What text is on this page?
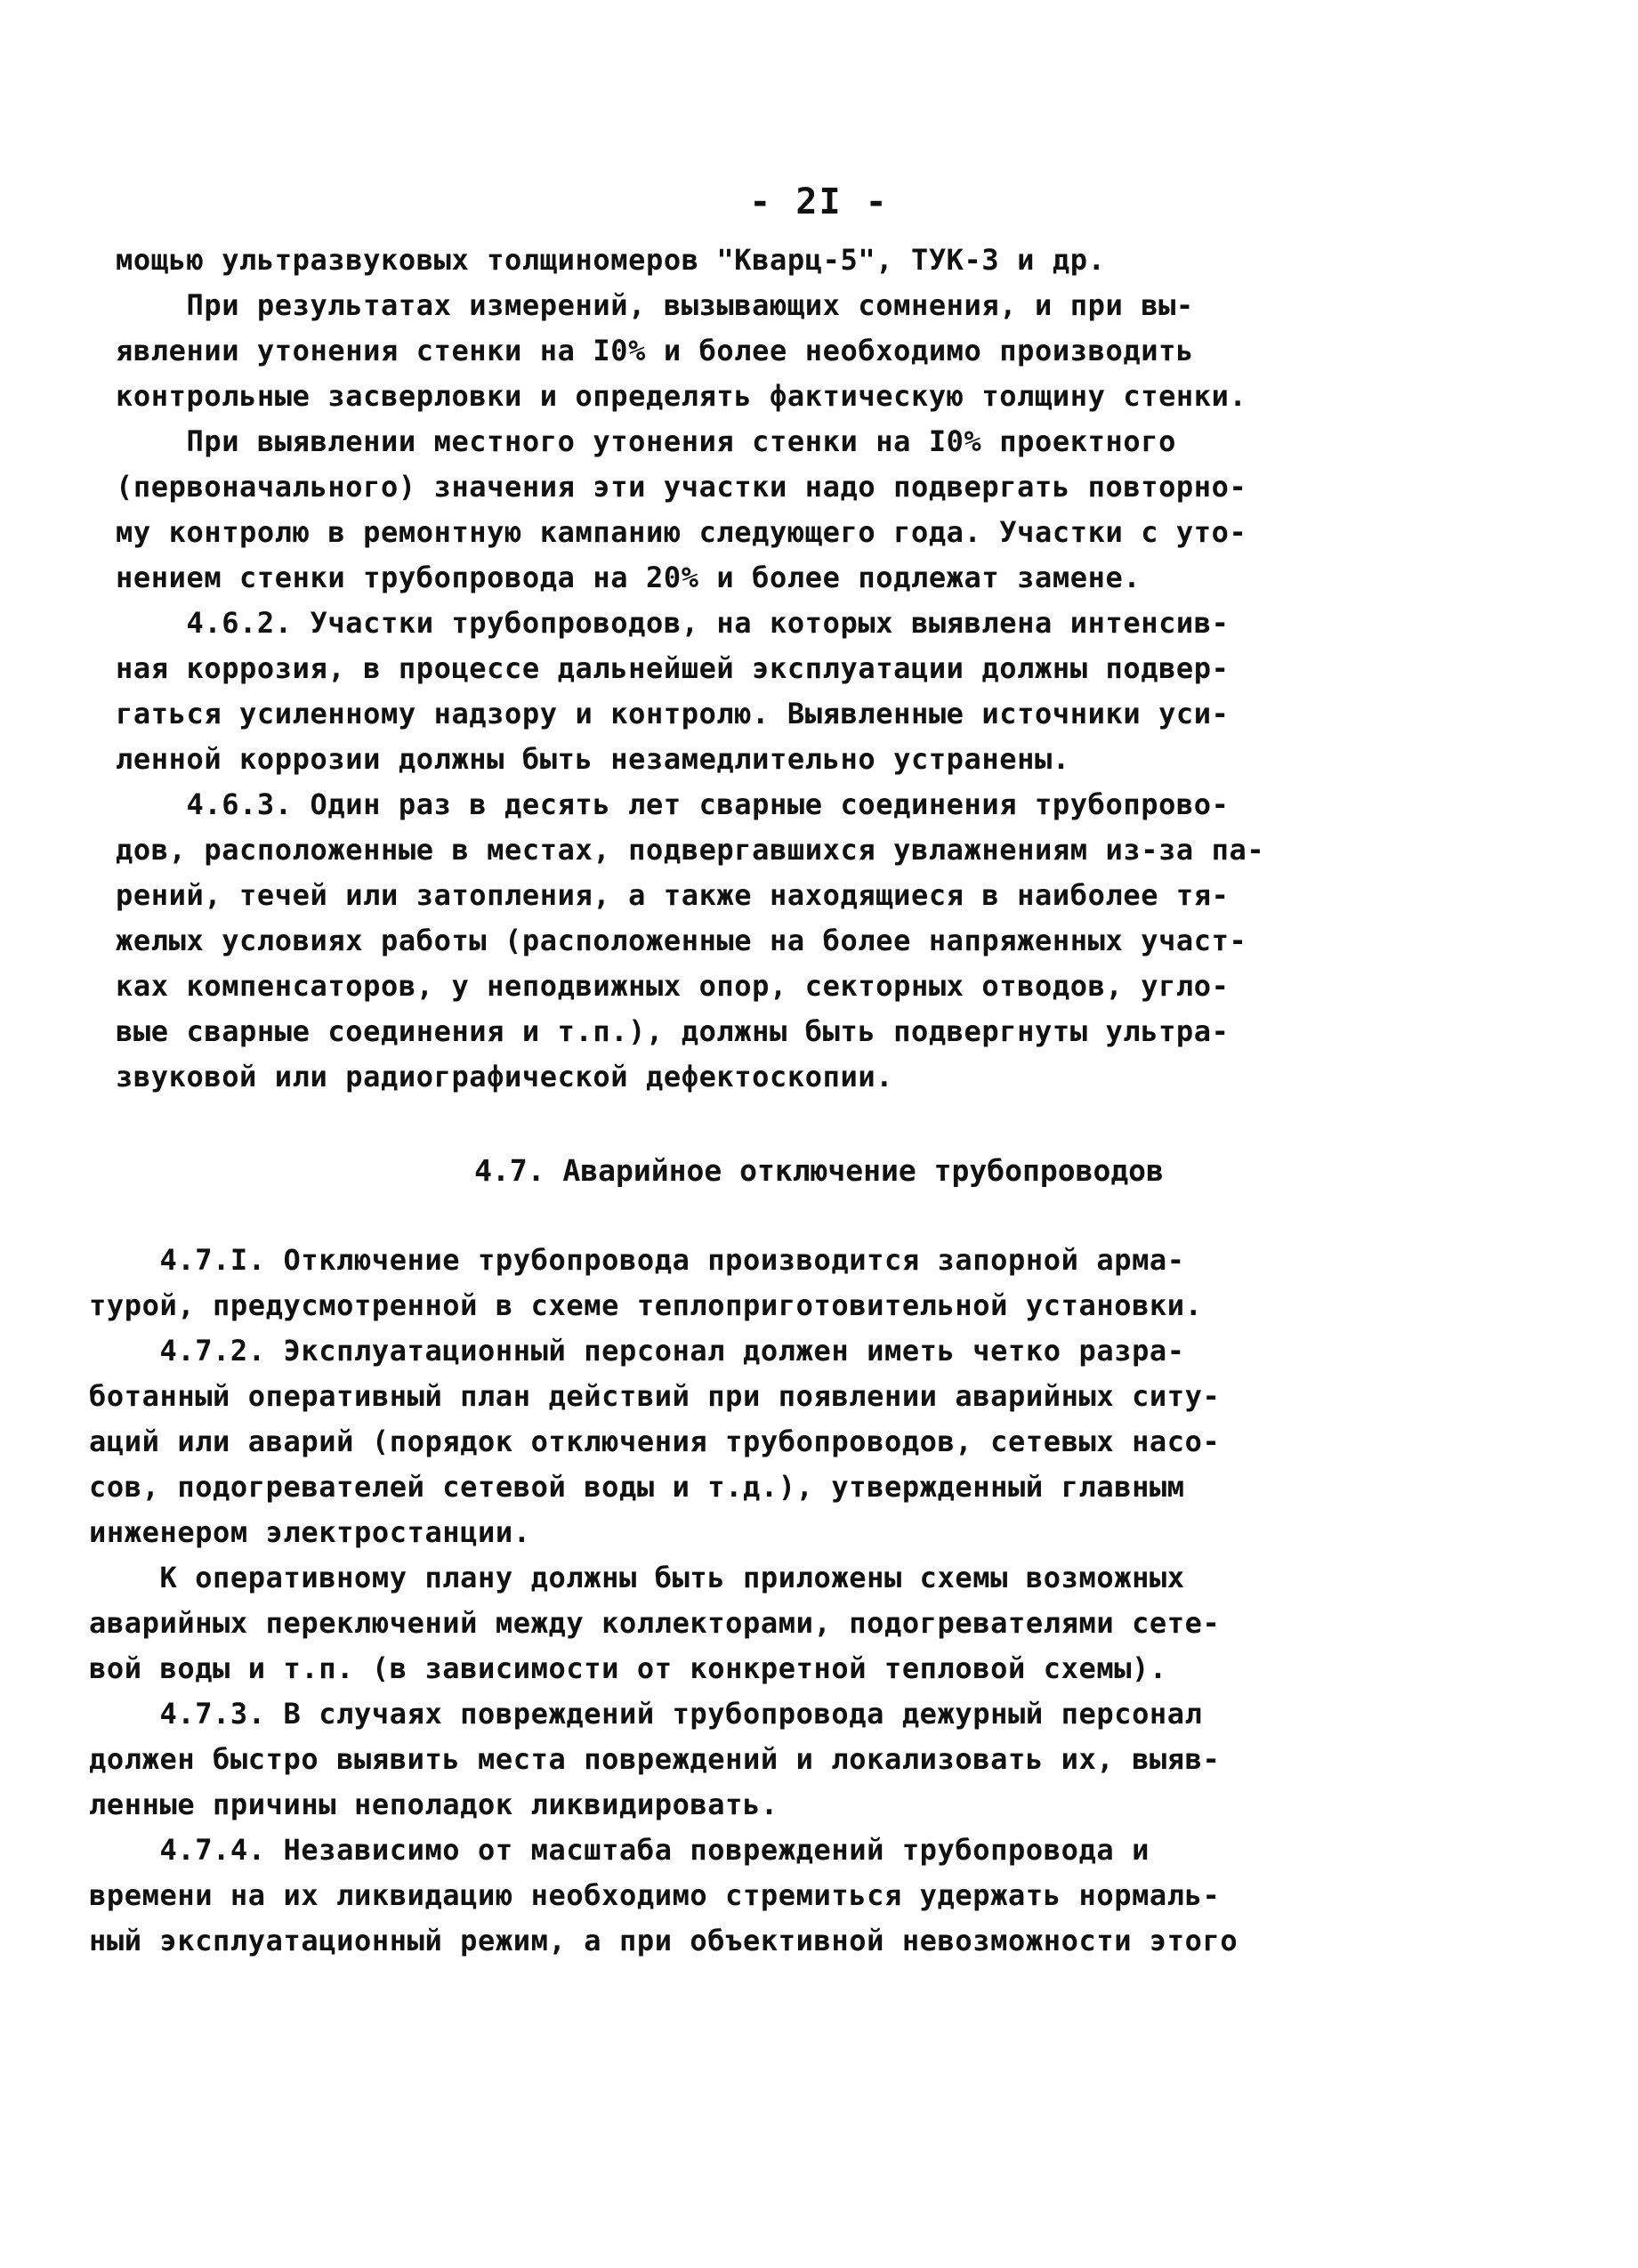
- 2I -
мощью ультразвуковых толщиномеров "Кварц-5", ТУК-3 и др.
При результатах измерений, вызывающих сомнения, и при вы-
явлении утонения стенки на I0% и более необходимо производить
контрольные засверловки и определять фактическую толщину стенки.
При выявлении местного утонения стенки на I0% проектного
(первоначального) значения эти участки надо подвергать повторно-
му контролю в ремонтную кампанию следующего года. Участки с уто-
нением стенки трубопровода на 20% и более подлежат замене.
4.6.2. Участки трубопроводов, на которых выявлена интенсив-
ная коррозия, в процессе дальнейшей эксплуатации должны подвер-
гаться усиленному надзору и контролю. Выявленные источники уси-
ленной коррозии должны быть незамедлительно устранены.
4.6.3. Один раз в десять лет сварные соединения трубопрово-
дов, расположенные в местах, подвергавшихся увлажнениям из-за па-
рений, течей или затопления, а также находящиеся в наиболее тя-
желых условиях работы (расположенные на более напряженных участ-
ках компенсаторов, у неподвижных опор, секторных отводов, угло-
вые сварные соединения и т.п.), должны быть подвергнуты ультра-
звуковой или радиографической дефектоскопии.
4.7. Аварийное отключение трубопроводов
4.7.I. Отключение трубопровода производится запорной арма-
турой, предусмотренной в схеме теплоприготовительной установки.
4.7.2. Эксплуатационный персонал должен иметь четко разра-
ботанный оперативный план действий при появлении аварийных ситу-
аций или аварий (порядок отключения трубопроводов, сетевых насо-
сов, подогревателей сетевой воды и т.д.), утвержденный главным
инженером электростанции.
К оперативному плану должны быть приложены схемы возможных
аварийных переключений между коллекторами, подогревателями сете-
вой воды и т.п. (в зависимости от конкретной тепловой схемы).
4.7.3. В случаях повреждений трубопровода дежурный персонал
должен быстро выявить места повреждений и локализовать их, выяв-
ленные причины неполадок ликвидировать.
4.7.4. Независимо от масштаба повреждений трубопровода и
времени на их ликвидацию необходимо стремиться удержать нормаль-
ный эксплуатационный режим, а при объективной невозможности этого
